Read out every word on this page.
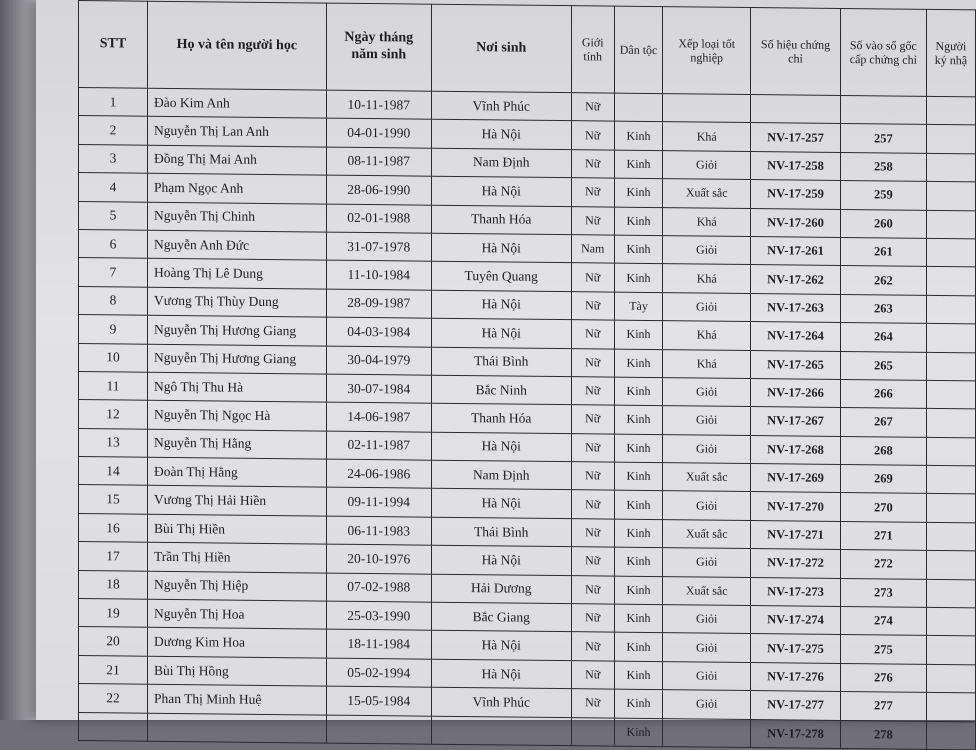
STT	Họ và tên người học	Ngày tháng năm sinh	Nơi sinh	Giới tính	Dân tộc	Xếp loại tốt nghiệp	Số hiệu chứng chỉ	Số vào sổ gốc cấp chứng chỉ	Người ký nhậ
1	Đào Kim Anh	10-11-1987	Vĩnh Phúc	Nữ					
2	Nguyễn Thị Lan Anh	04-01-1990	Hà Nội	Nữ	Kinh	Khá	NV-17-257	257	
3	Đồng Thị Mai Anh	08-11-1987	Nam Định	Nữ	Kinh	Giỏi	NV-17-258	258	
4	Phạm Ngọc Anh	28-06-1990	Hà Nội	Nữ	Kinh	Xuất sắc	NV-17-259	259	
5	Nguyễn Thị Chinh	02-01-1988	Thanh Hóa	Nữ	Kinh	Khá	NV-17-260	260	
6	Nguyễn Anh Đức	31-07-1978	Hà Nội	Nam	Kinh	Giỏi	NV-17-261	261	
7	Hoàng Thị Lê Dung	11-10-1984	Tuyên Quang	Nữ	Kinh	Khá	NV-17-262	262	
8	Vương Thị Thùy Dung	28-09-1987	Hà Nội	Nữ	Tày	Giỏi	NV-17-263	263	
9	Nguyễn Thị Hương Giang	04-03-1984	Hà Nội	Nữ	Kinh	Khá	NV-17-264	264	
10	Nguyễn Thị Hương Giang	30-04-1979	Thái Bình	Nữ	Kinh	Khá	NV-17-265	265	
11	Ngô Thị Thu Hà	30-07-1984	Bắc Ninh	Nữ	Kinh	Giỏi	NV-17-266	266	
12	Nguyễn Thị Ngọc Hà	14-06-1987	Thanh Hóa	Nữ	Kinh	Giỏi	NV-17-267	267	
13	Nguyễn Thị Hằng	02-11-1987	Hà Nội	Nữ	Kinh	Giỏi	NV-17-268	268	
14	Đoàn Thị Hằng	24-06-1986	Nam Định	Nữ	Kinh	Xuất sắc	NV-17-269	269	
15	Vương Thị Hải Hiền	09-11-1994	Hà Nội	Nữ	Kinh	Giỏi	NV-17-270	270	
16	Bùi Thị Hiền	06-11-1983	Thái Bình	Nữ	Kinh	Xuất sắc	NV-17-271	271	
17	Trần Thị Hiền	20-10-1976	Hà Nội	Nữ	Kinh	Giỏi	NV-17-272	272	
18	Nguyễn Thị Hiệp	07-02-1988	Hải Dương	Nữ	Kinh	Xuất sắc	NV-17-273	273	
19	Nguyễn Thị Hoa	25-03-1990	Bắc Giang	Nữ	Kinh	Giỏi	NV-17-274	274	
20	Dương Kim Hoa	18-11-1984	Hà Nội	Nữ	Kinh	Giỏi	NV-17-275	275	
21	Bùi Thị Hồng	05-02-1994	Hà Nội	Nữ	Kinh	Giỏi	NV-17-276	276	
22	Phan Thị Minh Huệ	15-05-1984	Vĩnh Phúc	Nữ	Kinh	Giỏi	NV-17-277	277	
					Kinh		NV-17-278	278	
